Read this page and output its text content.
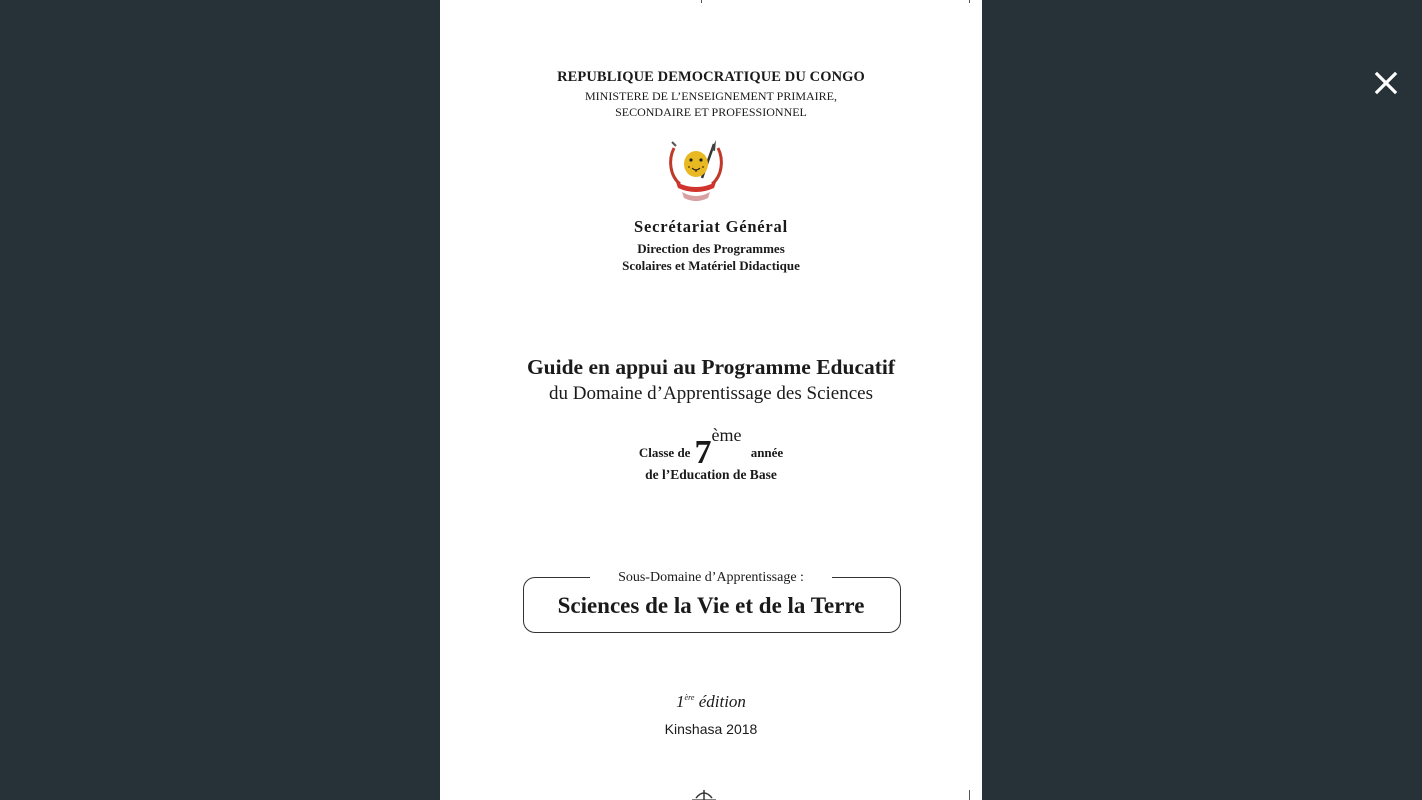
REPUBLIQUE DEMOCRATIQUE DU CONGO
MINISTERE DE L’ENSEIGNEMENT PRIMAIRE,
SECONDAIRE ET PROFESSIONNEL
Secrétariat Général
Direction des Programmes
Scolaires et Matériel Didactique
Guide en appui au Programme Educatif
du Domaine d’Apprentissage des Sciences
Classe de 7ème année
de l’Education de Base
Sous-Domaine d’Apprentissage :
Sciences de la Vie et de la Terre
1ère édition
Kinshasa 2018
